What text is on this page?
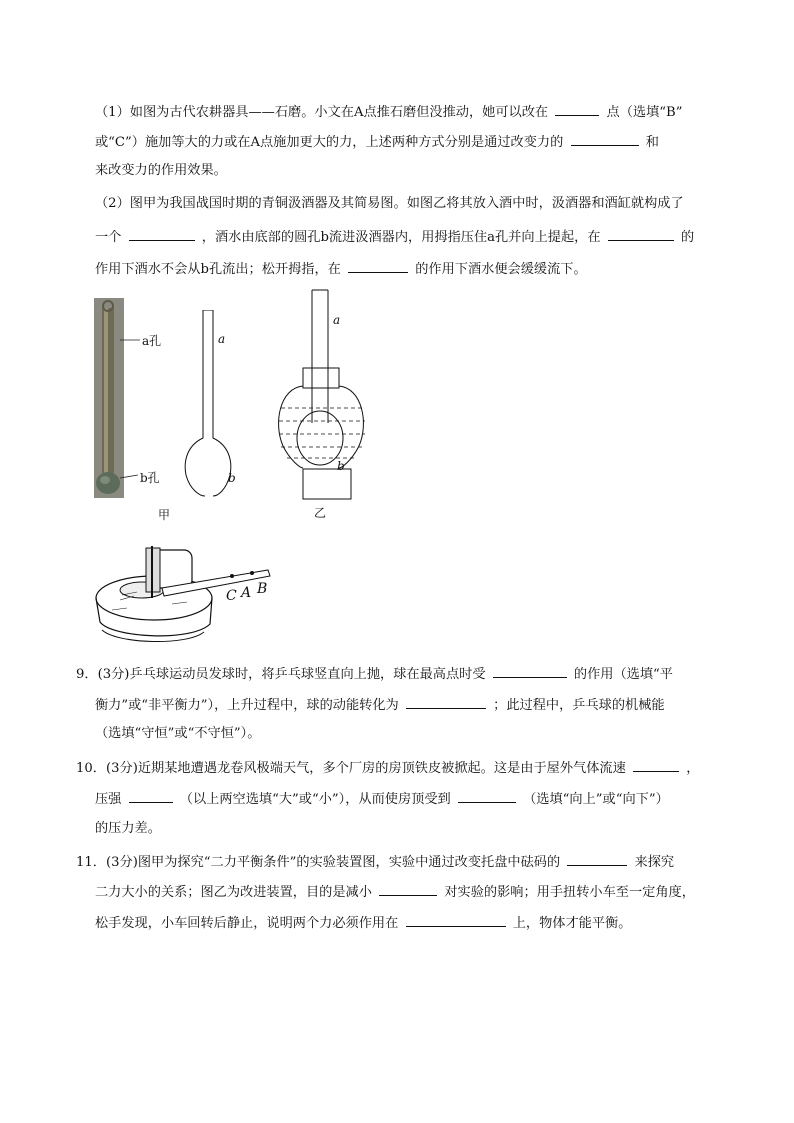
（1）如图为古代农耕器具——石磨。小文在A点推石磨但没推动，她可以改在	点（选填“B”
或“C”）施加等大的力或在A点施加更大的力，上述两种方式分别是通过改变力的	和
来改变力的作用效果。
（2）图甲为我国战国时期的青铜汲酒器及其简易图。如图乙将其放入酒中时，汲酒器和酒缸就构成了
一个	，酒水由底部的圆孔b流进汲酒器内，用拇指压住a孔并向上提起，在	的
作用下酒水不会从b孔流出；松开拇指，在	的作用下酒水便会缓缓流下。
a孔
b孔
a
b
甲
a
b
乙
C A B
9．(3分)乒乓球运动员发球时，将乒乓球竖直向上抛，球在最高点时受	的作用（选填“平
衡力”或“非平衡力”），上升过程中，球的动能转化为	；此过程中，乒乓球的机械能
（选填“守恒”或“不守恒”）。
10．(3分)近期某地遭遇龙卷风极端天气，多个厂房的房顶铁皮被掀起。这是由于屋外气体流速	，
压强	（以上两空选填“大”或“小”），从而使房顶受到	（选填“向上”或“向下”）
的压力差。
11．(3分)图甲为探究“二力平衡条件”的实验装置图，实验中通过改变托盘中砝码的	来探究
二力大小的关系；图乙为改进装置，目的是减小	对实验的影响；用手扭转小车至一定角度，
松手发现，小车回转后静止，说明两个力必须作用在	上，物体才能平衡。
